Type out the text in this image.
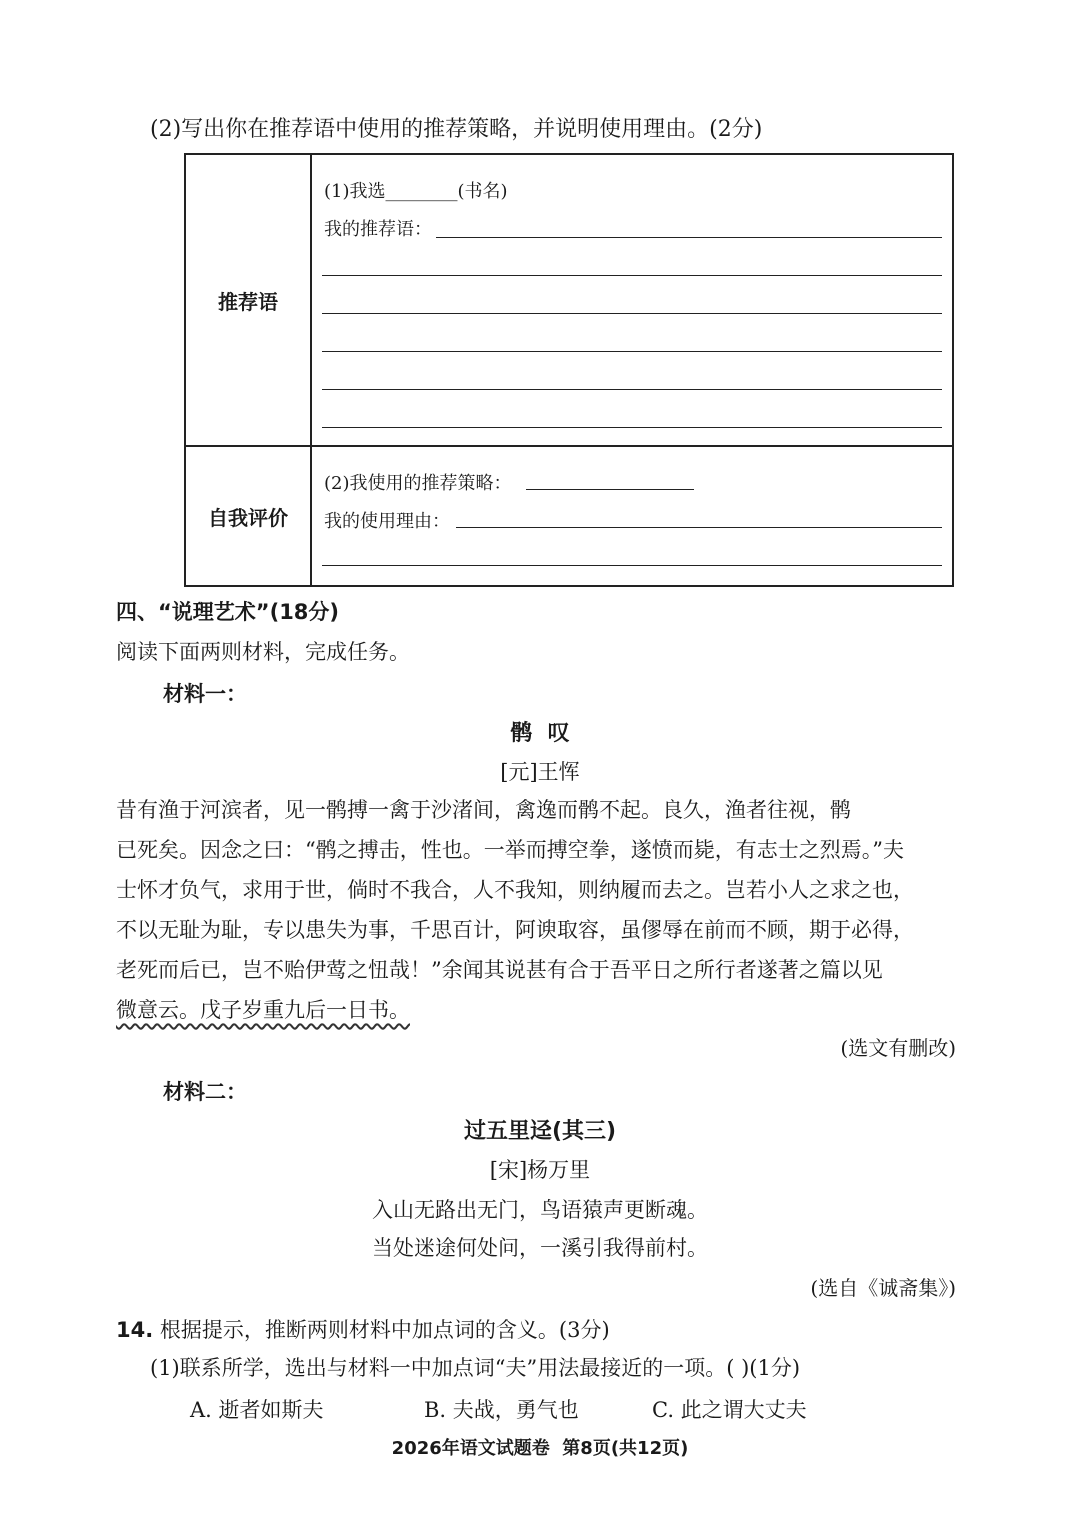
(2)写出你在推荐语中使用的推荐策略，并说明使用理由。(2分)
推荐语	(1)我选________(书名)
我的推荐语：

自我评价	(2)我使用的推荐策略：
我的使用理由：
四、“说理艺术”(18分)
阅读下面两则材料，完成任务。
材料一：
鹘  叹
[元]王恽
昔有渔于河滨者，见一鹘搏一禽于沙渚间，禽逸而鹘不起。良久，渔者往视，鹘
已死矣。因念之曰：“鹘之搏击，性也。一举而搏空拳，遂愤而毙，有志士之烈焉。”夫
士怀才负气，求用于世，倘时不我合，人不我知，则纳履而去之。岂若小人之求之也，
不以无耻为耻，专以患失为事，千思百计，阿谀取容，虽僇辱在前而不顾，期于必得，
老死而后已，岂不贻伊莺之忸哉！”余闻其说甚有合于吾平日之所行者遂著之篇以见
微意云。戊子岁重九后一日书。
(选文有删改)
材料二：
过五里迳(其三)
[宋]杨万里
入山无路出无门，鸟语猿声更断魂。
当处迷途何处问，一溪引我得前村。
(选自《诚斋集》)
14. 根据提示，推断两则材料中加点词的含义。(3分)
(1)联系所学，选出与材料一中加点词“夫”用法最接近的一项。( )(1分)
A. 逝者如斯夫	B. 夫战，勇气也	C. 此之谓大丈夫
2026年语文试题卷  第8页(共12页)
